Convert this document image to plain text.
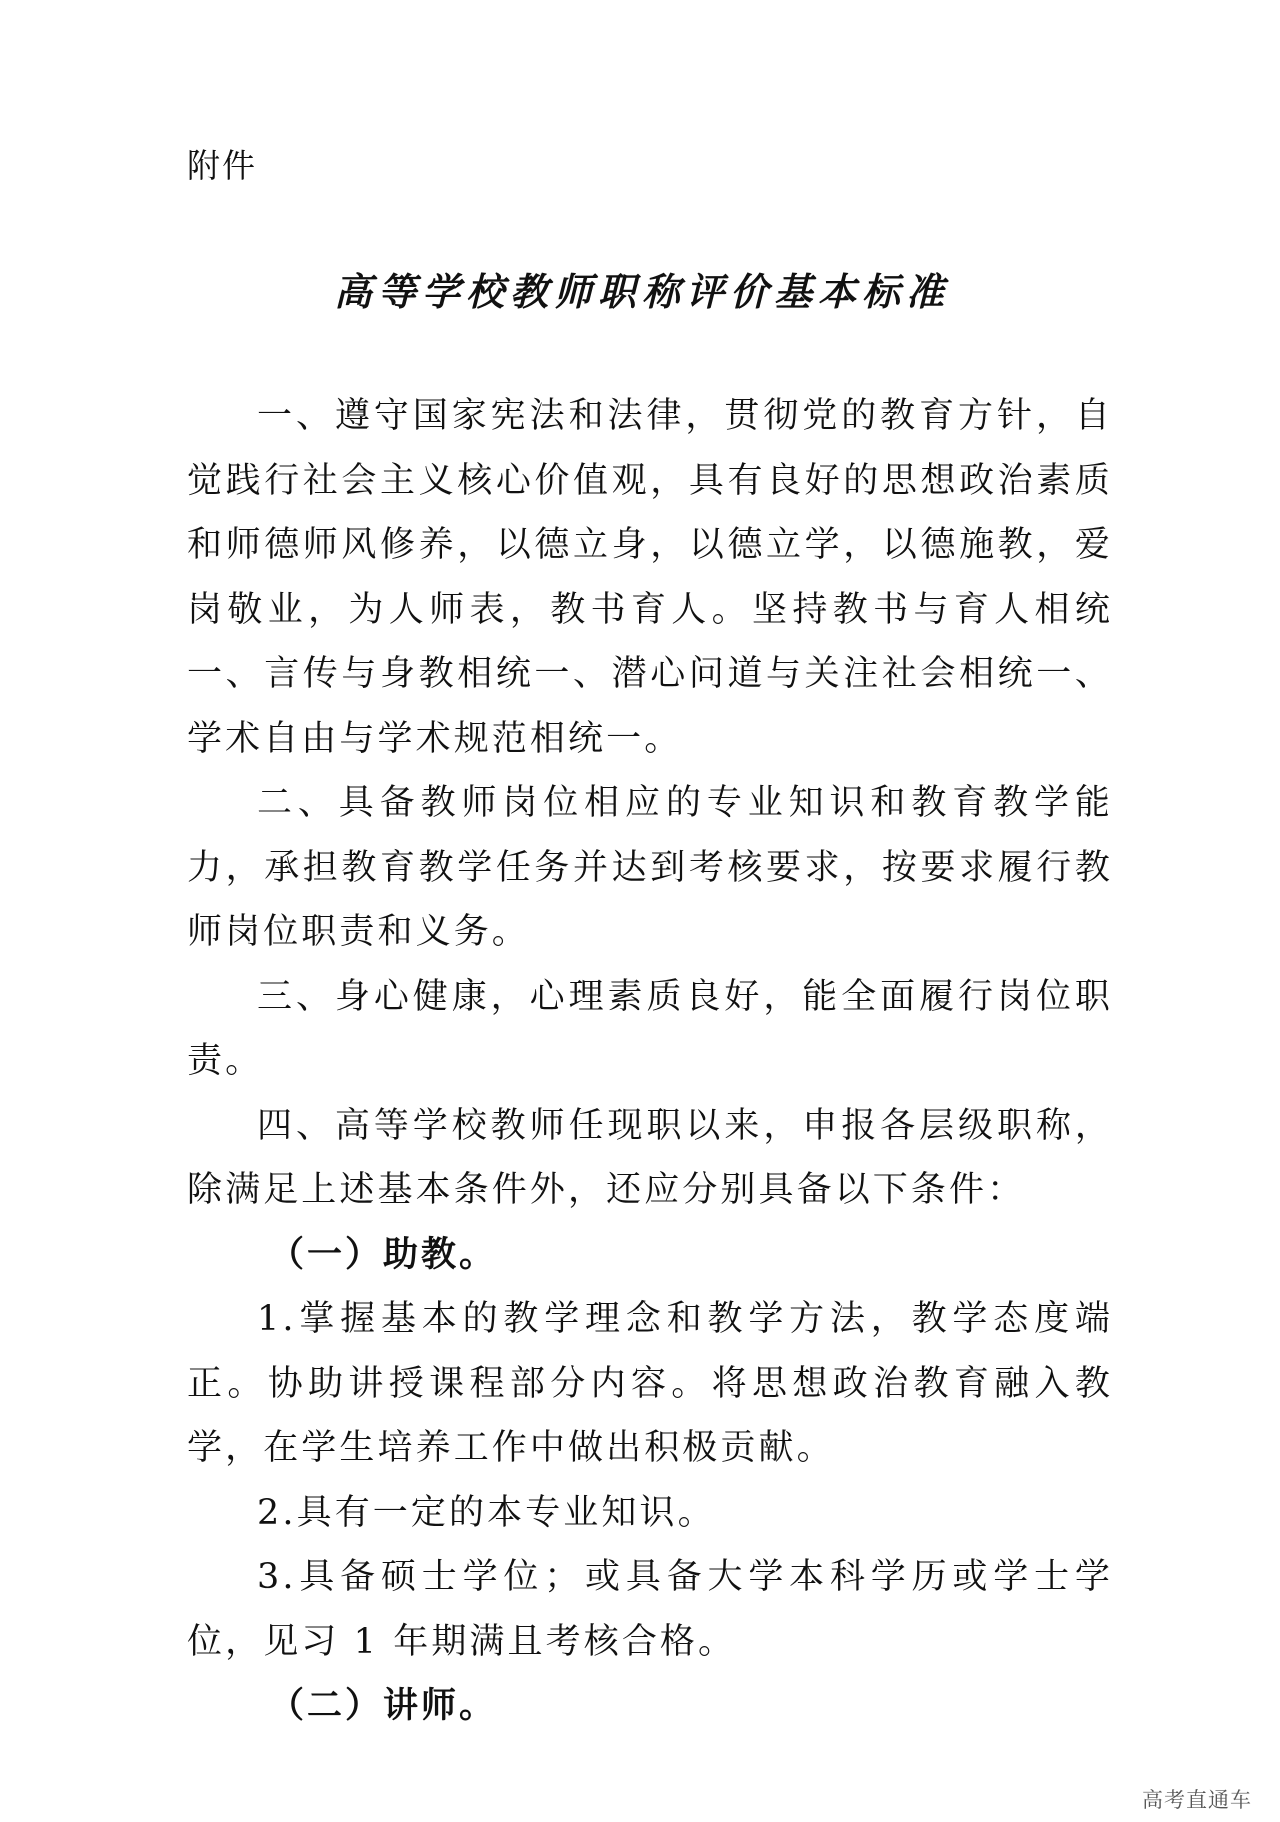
附件
高等学校教师职称评价基本标准

一、遵守国家宪法和法律，贯彻党的教育方针，自觉践行社会主义核心价值观，具有良好的思想政治素质和师德师风修养，以德立身，以德立学，以德施教，爱岗敬业，为人师表，教书育人。坚持教书与育人相统一、言传与身教相统一、潜心问道与关注社会相统一、学术自由与学术规范相统一。

二、具备教师岗位相应的专业知识和教育教学能力，承担教育教学任务并达到考核要求，按要求履行教师岗位职责和义务。

三、身心健康，心理素质良好，能全面履行岗位职责。

四、高等学校教师任现职以来，申报各层级职称，除满足上述基本条件外，还应分别具备以下条件：

（一）助教。

1.掌握基本的教学理念和教学方法，教学态度端正。协助讲授课程部分内容。将思想政治教育融入教学，在学生培养工作中做出积极贡献。

2.具有一定的本专业知识。

3.具备硕士学位；或具备大学本科学历或学士学位，见习 1 年期满且考核合格。

（二）讲师。

高考直通车
